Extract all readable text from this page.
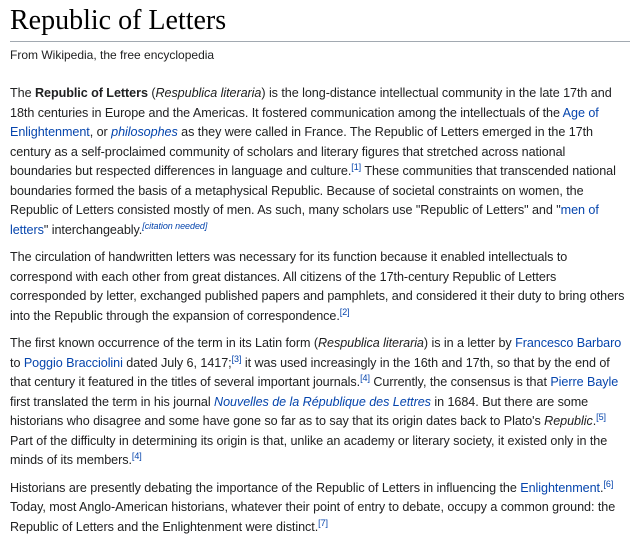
Republic of Letters
From Wikipedia, the free encyclopedia

The Republic of Letters (Respublica literaria) is the long-distance intellectual community in the late 17th and 18th centuries in Europe and the Americas. It fostered communication among the intellectuals of the Age of Enlightenment, or philosophes as they were called in France. The Republic of Letters emerged in the 17th century as a self-proclaimed community of scholars and literary figures that stretched across national boundaries but respected differences in language and culture.[1] These communities that transcended national boundaries formed the basis of a metaphysical Republic. Because of societal constraints on women, the Republic of Letters consisted mostly of men. As such, many scholars use "Republic of Letters" and "men of letters" interchangeably.[citation needed]

The circulation of handwritten letters was necessary for its function because it enabled intellectuals to correspond with each other from great distances. All citizens of the 17th-century Republic of Letters corresponded by letter, exchanged published papers and pamphlets, and considered it their duty to bring others into the Republic through the expansion of correspondence.[2]

The first known occurrence of the term in its Latin form (Respublica literaria) is in a letter by Francesco Barbaro to Poggio Bracciolini dated July 6, 1417;[3] it was used increasingly in the 16th and 17th, so that by the end of that century it featured in the titles of several important journals.[4] Currently, the consensus is that Pierre Bayle first translated the term in his journal Nouvelles de la République des Lettres in 1684. But there are some historians who disagree and some have gone so far as to say that its origin dates back to Plato's Republic.[5] Part of the difficulty in determining its origin is that, unlike an academy or literary society, it existed only in the minds of its members.[4]

Historians are presently debating the importance of the Republic of Letters in influencing the Enlightenment.[6] Today, most Anglo-American historians, whatever their point of entry to debate, occupy a common ground: the Republic of Letters and the Enlightenment were distinct.[7]
